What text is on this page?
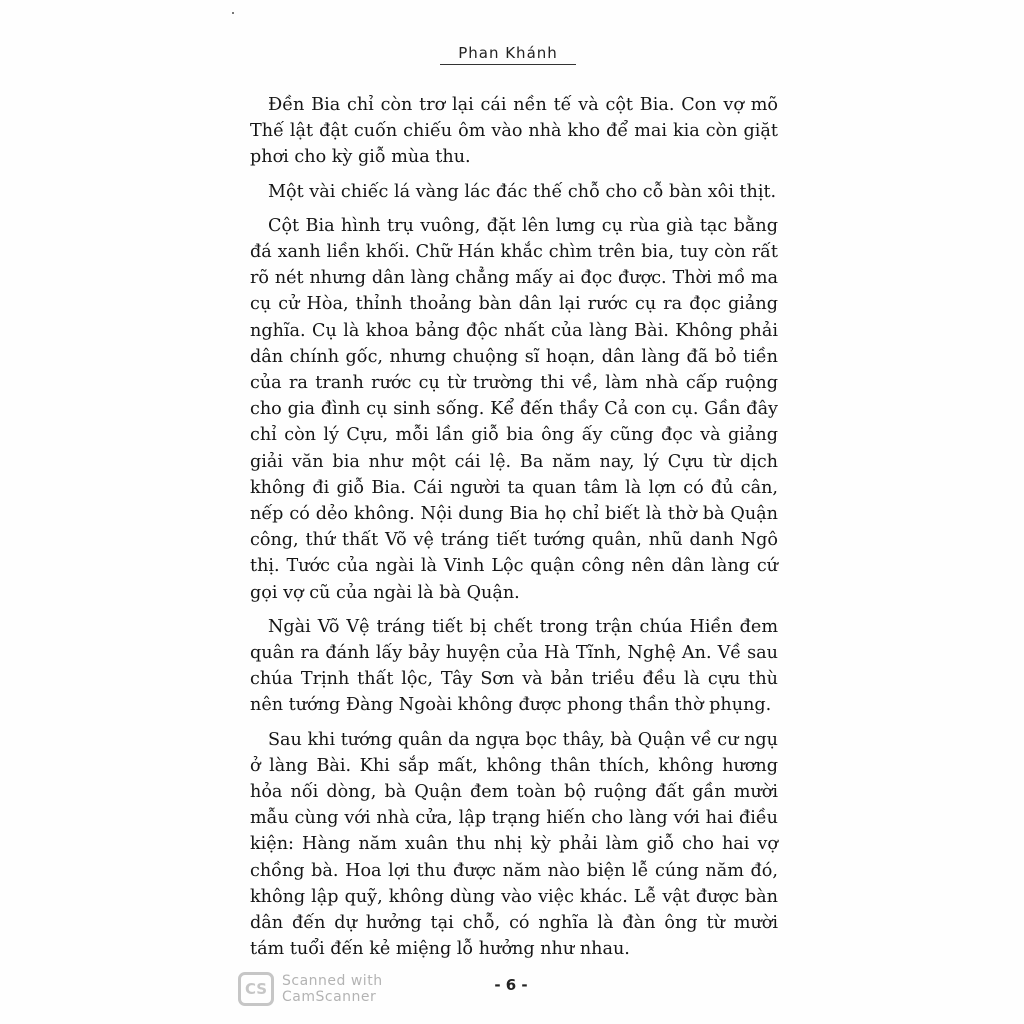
Phan Khánh

Đền Bia chỉ còn trơ lại cái nền tế và cột Bia. Con vợ mõ Thế lật đật cuốn chiếu ôm vào nhà kho để mai kia còn giặt phơi cho kỳ giỗ mùa thu.

Một vài chiếc lá vàng lác đác thế chỗ cho cỗ bàn xôi thịt.

Cột Bia hình trụ vuông, đặt lên lưng cụ rùa già tạc bằng đá xanh liền khối. Chữ Hán khắc chìm trên bia, tuy còn rất rõ nét nhưng dân làng chẳng mấy ai đọc được. Thời mồ ma cụ cử Hòa, thỉnh thoảng bàn dân lại rước cụ ra đọc giảng nghĩa. Cụ là khoa bảng độc nhất của làng Bài. Không phải dân chính gốc, nhưng chuộng sĩ hoạn, dân làng đã bỏ tiền của ra tranh rước cụ từ trường thi về, làm nhà cấp ruộng cho gia đình cụ sinh sống. Kể đến thầy Cả con cụ. Gần đây chỉ còn lý Cựu, mỗi lần giỗ bia ông ấy cũng đọc và giảng giải văn bia như một cái lệ. Ba năm nay, lý Cựu từ dịch không đi giỗ Bia. Cái người ta quan tâm là lợn có đủ cân, nếp có dẻo không. Nội dung Bia họ chỉ biết là thờ bà Quận công, thứ thất Võ vệ tráng tiết tướng quân, nhũ danh Ngô thị. Tước của ngài là Vinh Lộc quận công nên dân làng cứ gọi vợ cũ của ngài là bà Quận.

Ngài Võ Vệ tráng tiết bị chết trong trận chúa Hiền đem quân ra đánh lấy bảy huyện của Hà Tĩnh, Nghệ An. Về sau chúa Trịnh thất lộc, Tây Sơn và bản triều đều là cựu thù nên tướng Đàng Ngoài không được phong thần thờ phụng.

Sau khi tướng quân da ngựa bọc thây, bà Quận về cư ngụ ở làng Bài. Khi sắp mất, không thân thích, không hương hỏa nối dòng, bà Quận đem toàn bộ ruộng đất gần mười mẫu cùng với nhà cửa, lập trạng hiến cho làng với hai điều kiện: Hàng năm xuân thu nhị kỳ phải làm giỗ cho hai vợ chồng bà. Hoa lợi thu được năm nào biện lễ cúng năm đó, không lập quỹ, không dùng vào việc khác. Lễ vật được bàn dân đến dự hưởng tại chỗ, có nghĩa là đàn ông từ mười tám tuổi đến kẻ miệng lỗ hưởng như nhau.

CS	Scanned with
CamScanner
- 6 -
